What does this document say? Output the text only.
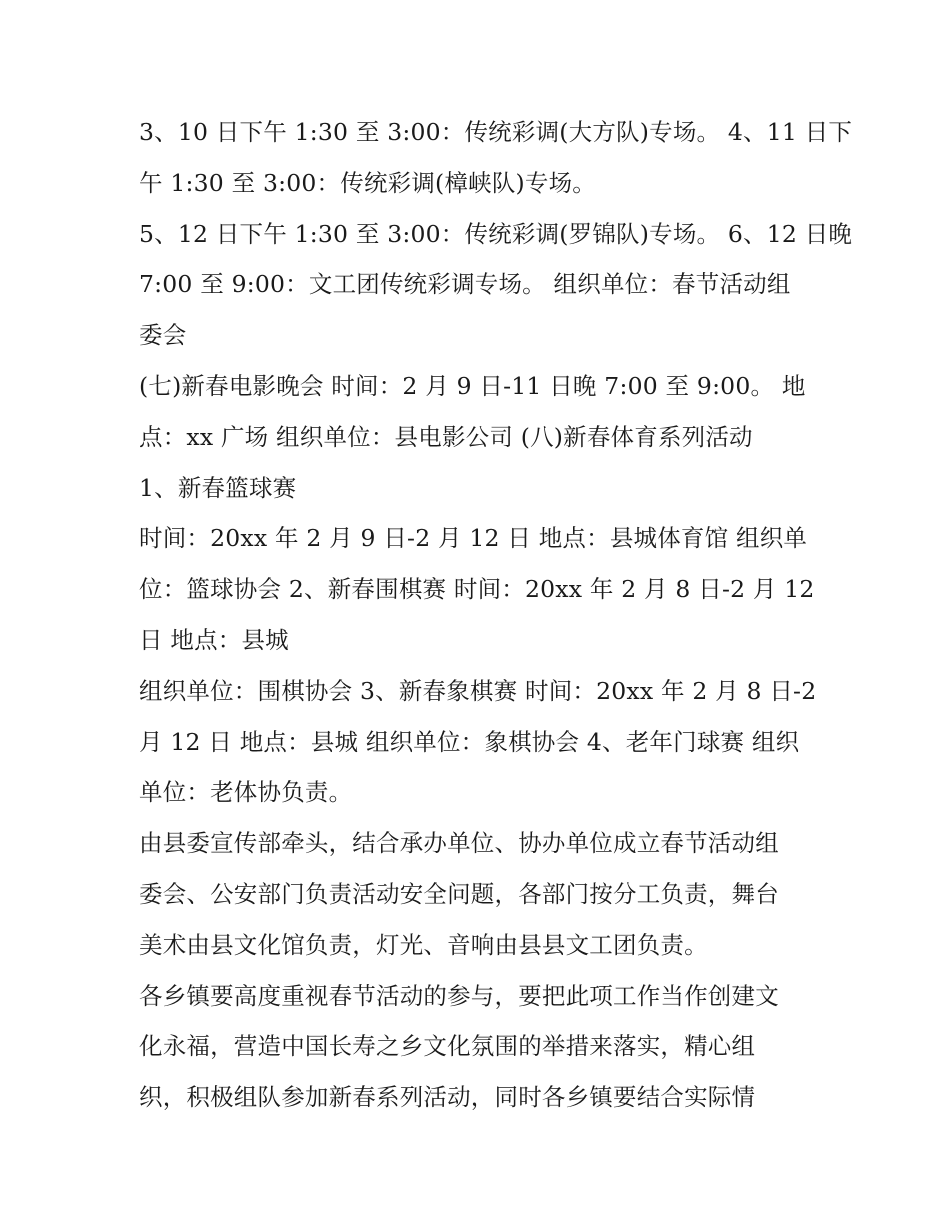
3、10 日下午 1:30 至 3:00：传统彩调(大方队)专场。 4、11 日下
午 1:30 至 3:00：传统彩调(樟峡队)专场。

5、12 日下午 1:30 至 3:00：传统彩调(罗锦队)专场。 6、12 日晚
7:00 至 9:00：文工团传统彩调专场。 组织单位：春节活动组
委会

(七)新春电影晚会 时间：2 月 9 日-11 日晚 7:00 至 9:00。 地
点：xx 广场 组织单位：县电影公司 (八)新春体育系列活动

1、新春篮球赛

时间：20xx 年 2 月 9 日-2 月 12 日 地点：县城体育馆 组织单
位：篮球协会 2、新春围棋赛 时间：20xx 年 2 月 8 日-2 月 12
日 地点：县城

组织单位：围棋协会 3、新春象棋赛 时间：20xx 年 2 月 8 日-2
月 12 日 地点：县城 组织单位：象棋协会 4、老年门球赛 组织
单位：老体协负责。

由县委宣传部牵头，结合承办单位、协办单位成立春节活动组
委会、公安部门负责活动安全问题，各部门按分工负责，舞台
美术由县文化馆负责，灯光、音响由县县文工团负责。

各乡镇要高度重视春节活动的参与，要把此项工作当作创建文
化永福，营造中国长寿之乡文化氛围的举措来落实，精心组
织，积极组队参加新春系列活动，同时各乡镇要结合实际情
